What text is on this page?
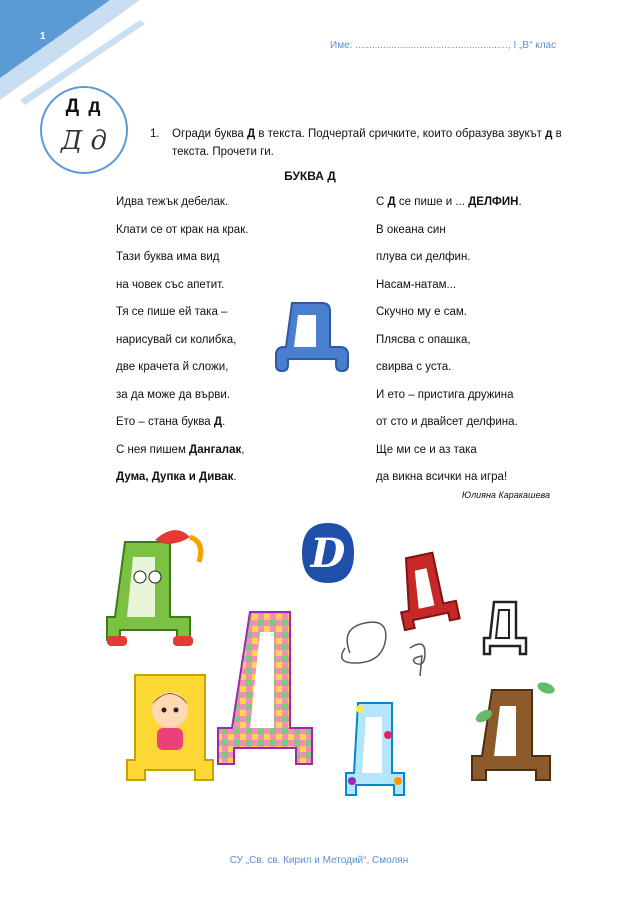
1
Име: ......................................................., I „В“ клас
Д д
Д д	1. Огради буква Д в текста. Подчертай сричките, които образува звукът д в текста. Прочети ги.
БУКВА Д
Идва тежък дебелак.
Клати се от крак на крак.
Тази буква има вид
на човек със апетит.
Тя се пише ей така –
нарисувай си колибка,
две крачета й сложи,
за да може да върви.
Ето – стана буква Д.
С нея пишем Дангалак,
Дума, Дупка и Дивак.
С Д се пише и ... ДЕЛФИН.
В океана син
плува си делфин.
Насам-натам...
Скучно му е сам.
Плясва с опашка,
свирва с уста.
И ето – пристига дружина
от сто и двайсет делфина.
Ще ми се и аз така
да викна всички на игра!
Юлияна Каракашева
D
СУ „Св. св. Кирил и Методий“, Смолян
